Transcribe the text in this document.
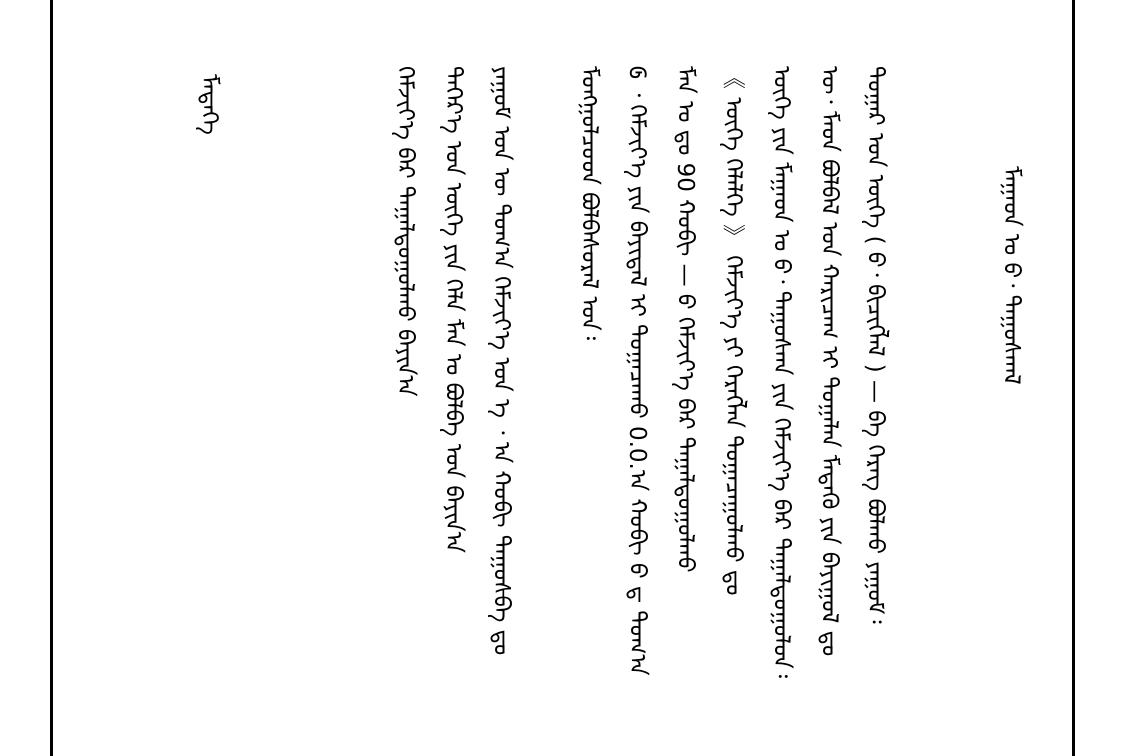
ᠮᠠᠭᠠᠳ ᠤ ᠪ᠂ ᠳᠠᠭᠤᠰᠬᠠᠯ
ᠳᠤᠭᠠᠷ ᠤᠨ ᠦᠭᠡ ( ᠪ᠂ ᠪᠢᠴᠢᠭᠯᠡᠯ ) — ᠪᠡ ᠬᠡᠷᠡᠭ ᠪᠣᠯᠬᠤ ᠶᠠᠭᠤᠮ᠄
ᠦ᠂ ᠮᠡᠳ ᠪᠣᠯᠪᠠᠯ ᠤᠨ ᠬᠠᠷᠢᠴᠠᠭ ᠢ ᠲᠣᠭᠠᠯᠠᠨ ᠮᠡᠳᠡᠬᠦ ᠶᠢᠨ ᠪᠠᠶᠢᠭᠤᠯ ᠳᠤ
ᠦᠭᠡ ᠶᠢᠨ ᠮᠠᠭᠠᠳ ᠤ ᠪ᠂ ᠳᠠᠭᠤᠰᠬᠠ ᠶᠢᠨ ᠬᠡᠮᠵᠢᠶ᠎ᠡ ᠪᠡᠷ ᠳᠠᠭᠠᠯᠳᠤᠭᠤᠯᠤᠨ᠄
《 ᠦᠭᠡ ᠬᠡᠯᠡᠯᠭᠡ 》 ᠬᠡᠮᠵᠢᠶ᠎ᠡ ᠶᠢ ᠬᠡᠷᠡᠭᠯᠡᠨ ᠲᠣᠭᠠᠴᠠᠭᠤᠯᠬᠤ ᠳᠤ
ᠮᠠᠨ ᠤ ᠳᠤ 90 ᠬᠤᠪᠢ — ᠪ ᠬᠡᠮᠵᠢᠶ᠎ᠡ ᠪᠡᠷ ᠳᠠᠭᠠᠯᠳᠤᠭᠤᠯᠬᠤ
᠖ ᠂ ᠬᠡᠮᠵᠢᠶ᠎ᠡ ᠶᠢᠨ ᠪᠠᠶᠢᠳᠠᠯ ᠢ ᠲᠣᠭᠠᠴᠠᠬᠤ 0.0.ᠠ ᠬᠤᠪᠢ ᠪ ᠳ ᠲᠣᠭ᠎ᠠ
ᠮᠣᠩᠭᠣᠯᠴᠤᠳ ᠪᠣᠯᠪᠠᠰᠤᠷᠠᠯ ᠤᠨ᠄
ᠶᠠᠭᠤᠮ ᠤᠨ ᠦ ᠲᠣᠭ᠎ᠠ ᠬᠡᠮᠵᠢᠶ᠎ᠡ ᠤᠨ ᠡ ᠂ ᠠ ᠬᠤᠪᠢ ᠳᠠᠭᠤᠰᠪᠠ ᠳᠤ
ᠳᠡᠭᠡᠷ᠎ᠡ ᠤᠨ ᠦᠭᠡ ᠶᠢᠨ ᠬᠡᠯᠡ ᠮᠠᠨ ᠤ ᠪᠣᠯᠪᠠ ᠤᠨ ᠪᠠᠶᠢᠨ᠎ᠠ
ᠬᠡᠮᠵᠢᠶ᠎ᠡ ᠪᠡᠷ ᠳᠠᠭᠠᠯᠳᠤᠭᠤᠯᠬᠤ ᠪᠠᠶᠢᠨ᠎ᠠ
ᠮᠡᠳᠡᠭᠡ
